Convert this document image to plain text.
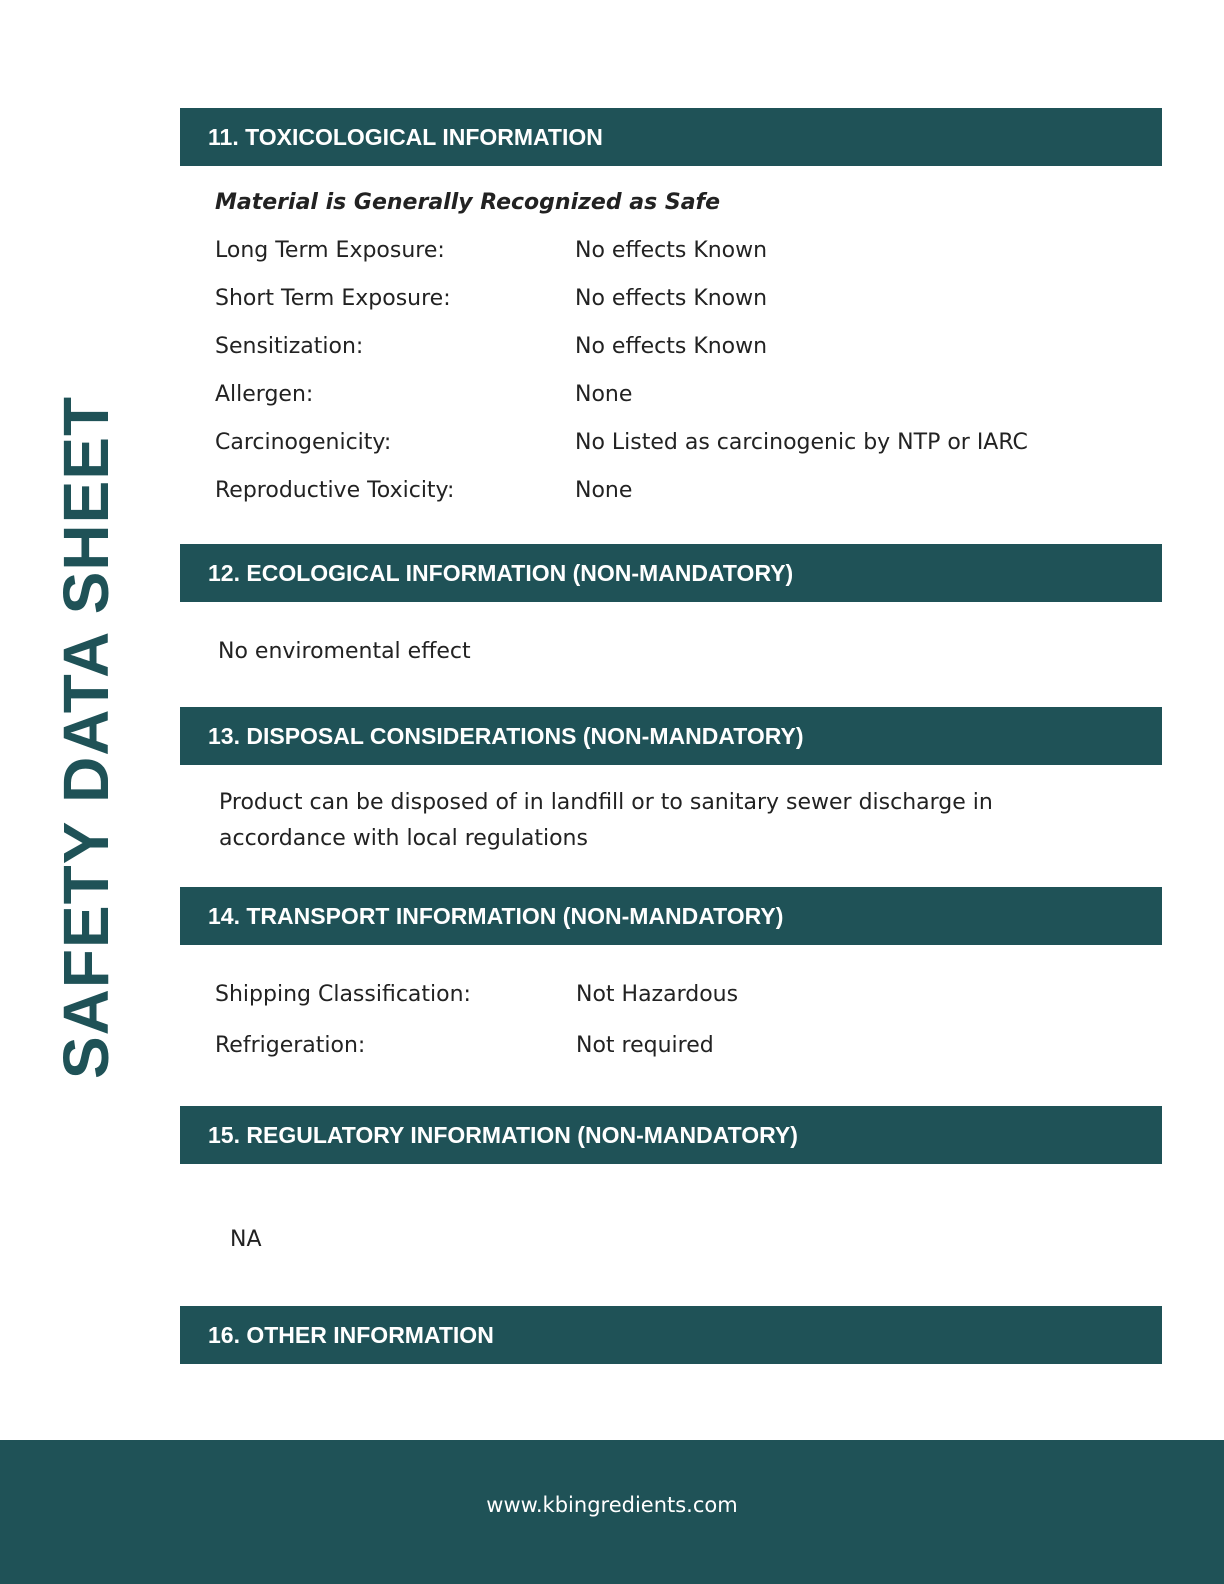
SAFETY DATA SHEET
11. TOXICOLOGICAL INFORMATION
Material is Generally Recognized as Safe
Long Term Exposure:	No effects Known
Short Term Exposure:	No effects Known
Sensitization:	No effects Known
Allergen:	None
Carcinogenicity:	No Listed as carcinogenic by NTP or IARC
Reproductive Toxicity:	None
12. ECOLOGICAL INFORMATION (NON-MANDATORY)
No enviromental effect
13. DISPOSAL CONSIDERATIONS (NON-MANDATORY)
Product can be disposed of in landfill or to sanitary sewer discharge in accordance with local regulations
14. TRANSPORT INFORMATION (NON-MANDATORY)
Shipping Classification:	Not Hazardous
Refrigeration:	Not required
15. REGULATORY INFORMATION (NON-MANDATORY)
NA
16. OTHER INFORMATION
www.kbingredients.com
